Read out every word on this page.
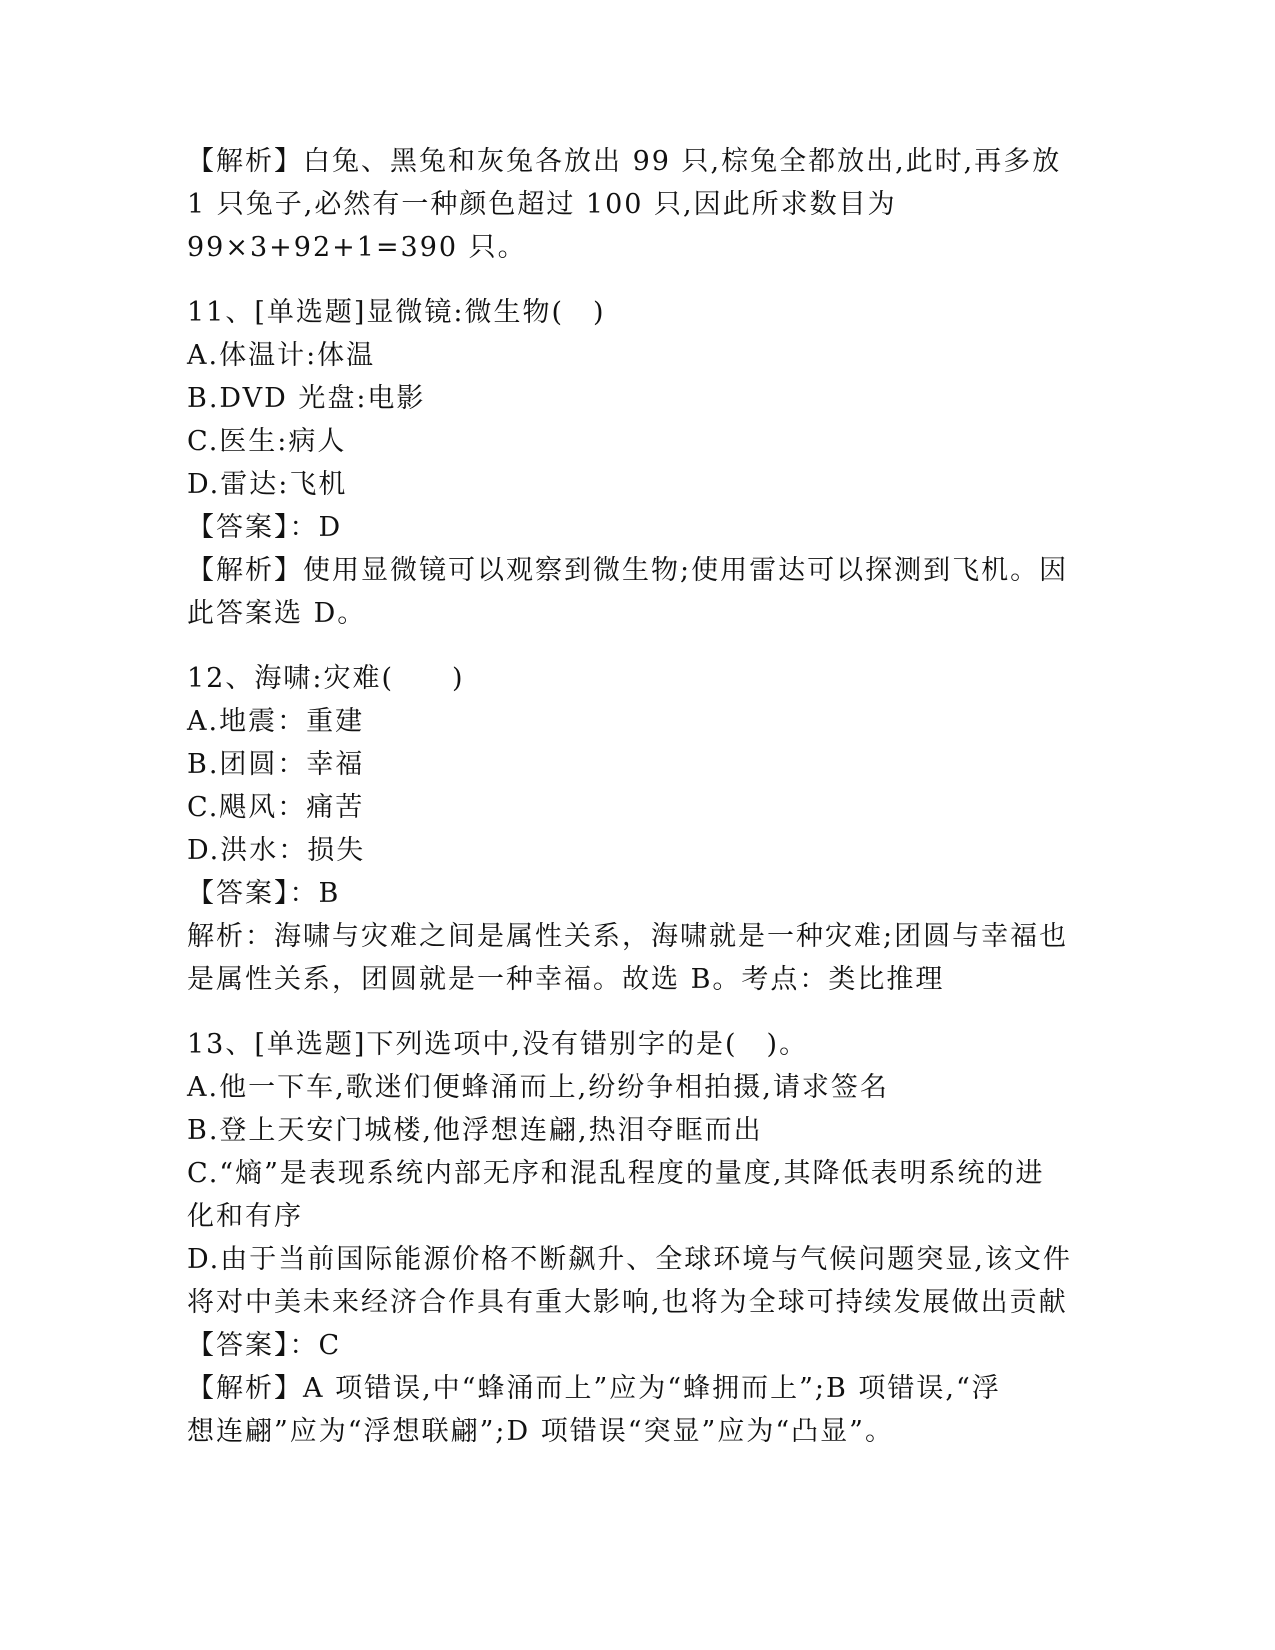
【解析】白兔、黑兔和灰兔各放出 99 只,棕兔全都放出,此时,再多放
1 只兔子,必然有一种颜色超过 100 只,因此所求数目为
99×3+92+1=390 只。
11、[单选题]显微镜:微生物(　)
A.体温计:体温
B.DVD 光盘:电影
C.医生:病人
D.雷达:飞机
【答案】：D
【解析】使用显微镜可以观察到微生物;使用雷达可以探测到飞机。因
此答案选 D。
12、海啸:灾难(　　)
A.地震：重建
B.团圆：幸福
C.飓风：痛苦
D.洪水：损失
【答案】：B
解析：海啸与灾难之间是属性关系，海啸就是一种灾难;团圆与幸福也
是属性关系，团圆就是一种幸福。故选 B。考点：类比推理
13、[单选题]下列选项中,没有错别字的是(　)。
A.他一下车,歌迷们便蜂涌而上,纷纷争相拍摄,请求签名
B.登上天安门城楼,他浮想连翩,热泪夺眶而出
C.“熵”是表现系统内部无序和混乱程度的量度,其降低表明系统的进
化和有序
D.由于当前国际能源价格不断飙升、全球环境与气候问题突显,该文件
将对中美未来经济合作具有重大影响,也将为全球可持续发展做出贡献
【答案】：C
【解析】A 项错误,中“蜂涌而上”应为“蜂拥而上”;B 项错误,“浮
想连翩”应为“浮想联翩”;D 项错误“突显”应为“凸显”。
